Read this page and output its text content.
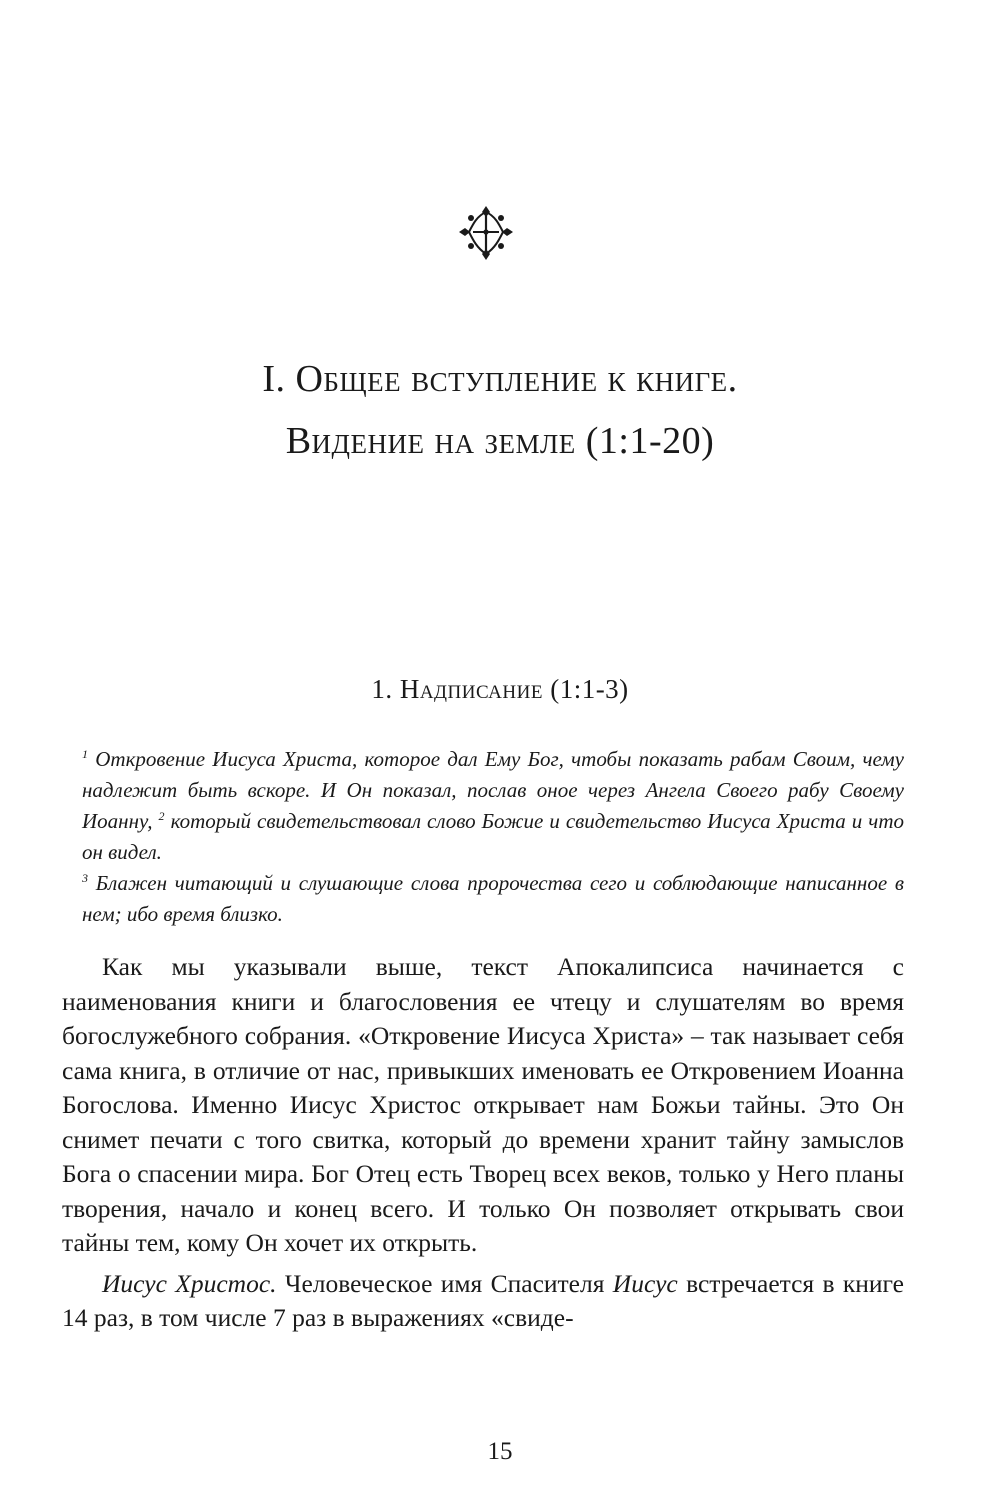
I. Общее вступление к книге.
Видение на земле (1:1-20)
1. Надписание (1:1-3)

$^1$ Откровение Иисуса Христа, которое дал Ему Бог, чтобы показать рабам Своим, чему надлежит быть вскоре. И Он показал, послав оное через Ангела Своего рабу Своему Иоанну, $^2$ который свидетельствовал слово Божие и свидетельство Иисуса Христа и что он видел.

$^3$ Блажен читающий и слушающие слова пророчества сего и соблюдающие написанное в нем; ибо время близко.

Как мы указывали выше, текст Апокалипсиса начинается с наименования книги и благословения ее чтецу и слушателям во время богослужебного собрания. «Откровение Иисуса Христа» – так называет себя сама книга, в отличие от нас, привыкших именовать ее Откровением Иоанна Богослова. Именно Иисус Христос открывает нам Божьи тайны. Это Он снимет печати с того свитка, который до времени хранит тайну замыслов Бога о спасении мира. Бог Отец есть Творец всех веков, только у Него планы творения, начало и конец всего. И только Он позволяет открывать свои тайны тем, кому Он хочет их открыть.

Иисус Христос. Человеческое имя Спасителя Иисус встречается в книге 14 раз, в том числе 7 раз в выражениях «свиде-

15
